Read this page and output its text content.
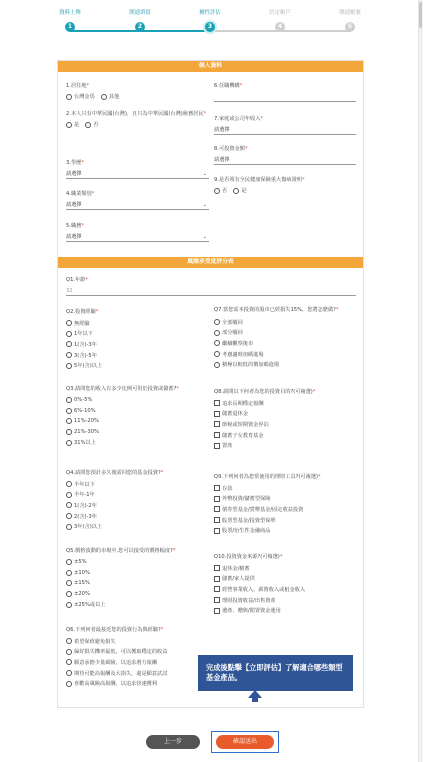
資料上傳
1
開通填寫
2
屬性評估
3
約定帳戶
4
開通帳號
5
個人資料
1.居住地*
台灣金馬	其他
2.本人只有中華民國(台灣)，且只為中華民國(台灣)稅務居民*
是	否
3.學歷*
請選擇	⌄
4.職業類別*
請選擇	⌄
5.職務*
請選擇	⌄
6.任職機構*
7.家庭或公司年收入*
請選擇
8.可投資金額*
請選擇
9.是否領有全民健康保險重大傷病證明*
否	是
風險承受度評分表
Q1.年齡*
32
Q2.投資經驗*
無經驗
1年以下
1(含)-3年
3(含)-5年
5年(含)以上
Q3.請問您的收入有多少比例可用於投資或儲蓄?*
0%-5%
6%-10%
11%-20%
21%-30%
31%以上
Q4.請問您預計多久後需回您的基金投資?*
半年以下
半年-1年
1(含)-2年
2(含)-3年
3年(含)以上
Q5.價格波動的市場中,您可以接受的價格幅度?*
±5%
±10%
±15%
±20%
±25%或以上
Q6.下列何者最接近您的投資行為與經驗?*
希望保值避免損失
偏好損失機率最低，可以獲取穩定的收益
願意承擔少量風險，以追求潛力報酬
期待可能高報酬及大損失，還是願意試試
喜歡高風險高報酬，以追求快速獲利
Q7.當您需本投資的股市已經損失15%，您將怎麼做?*
全部贖回
部分贖回
繼續觀察後市
考慮適時加碼進場
積極以較低的價加碼進場
Q8.請問以下何者為您的投資目的?(可複選)*
追求長期穩定報酬
儲蓄退休金
節稅或短期資金停泊
儲蓄子女教育基金
置產
Q9.下列何者為您常使用的理財工具?(可複選)*
存款
外幣投資/儲蓄型保險
債券型基金/貨幣基金/固定收益投資
股票型基金/投資型保單
股票/衍生性金融商品
Q10.投資資金來源?(可複選)*
退休金/積蓄
儲蓄/家人提供
經營事業收入，薪資收入或租金收入
理財投資收益/出售資產
遺產、贈與/閒置資金運用
完成後點擊【立即評估】了解適合哪些類型基金產品。
上一步	確認送出
